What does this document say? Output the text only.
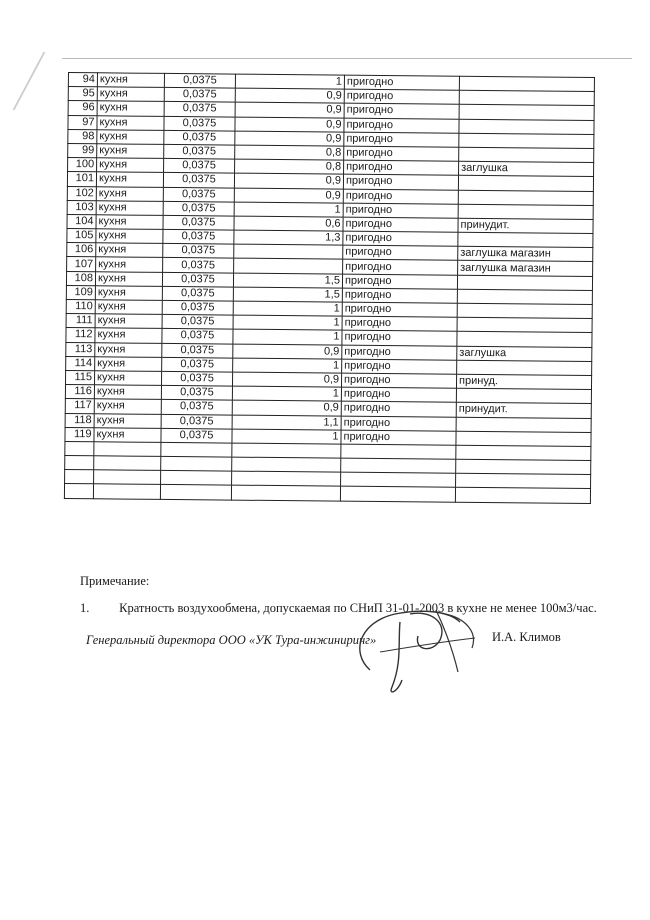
94	кухня	0,0375	1	пригодно	
95	кухня	0,0375	0,9	пригодно	
96	кухня	0,0375	0,9	пригодно	
97	кухня	0,0375	0,9	пригодно	
98	кухня	0,0375	0,9	пригодно	
99	кухня	0,0375	0,8	пригодно	
100	кухня	0,0375	0,8	пригодно	заглушка
101	кухня	0,0375	0,9	пригодно	
102	кухня	0,0375	0,9	пригодно	
103	кухня	0,0375	1	пригодно	
104	кухня	0,0375	0,6	пригодно	принудит.
105	кухня	0,0375	1,3	пригодно	
106	кухня	0,0375		пригодно	заглушка магазин
107	кухня	0,0375		пригодно	заглушка магазин
108	кухня	0,0375	1,5	пригодно	
109	кухня	0,0375	1,5	пригодно	
110	кухня	0,0375	1	пригодно	
111	кухня	0,0375	1	пригодно	
112	кухня	0,0375	1	пригодно	
113	кухня	0,0375	0,9	пригодно	заглушка
114	кухня	0,0375	1	пригодно	
115	кухня	0,0375	0,9	пригодно	принуд.
116	кухня	0,0375	1	пригодно	
117	кухня	0,0375	0,9	пригодно	принудит.
118	кухня	0,0375	1,1	пригодно	
119	кухня	0,0375	1	пригодно	

Примечание:
1. Кратность воздухообмена, допускаемая по СНиП 31-01-2003 в кухне не менее 100м3/час.
Генеральный директора ООО «УК Тура-инжиниринг»	И.А. Климов
